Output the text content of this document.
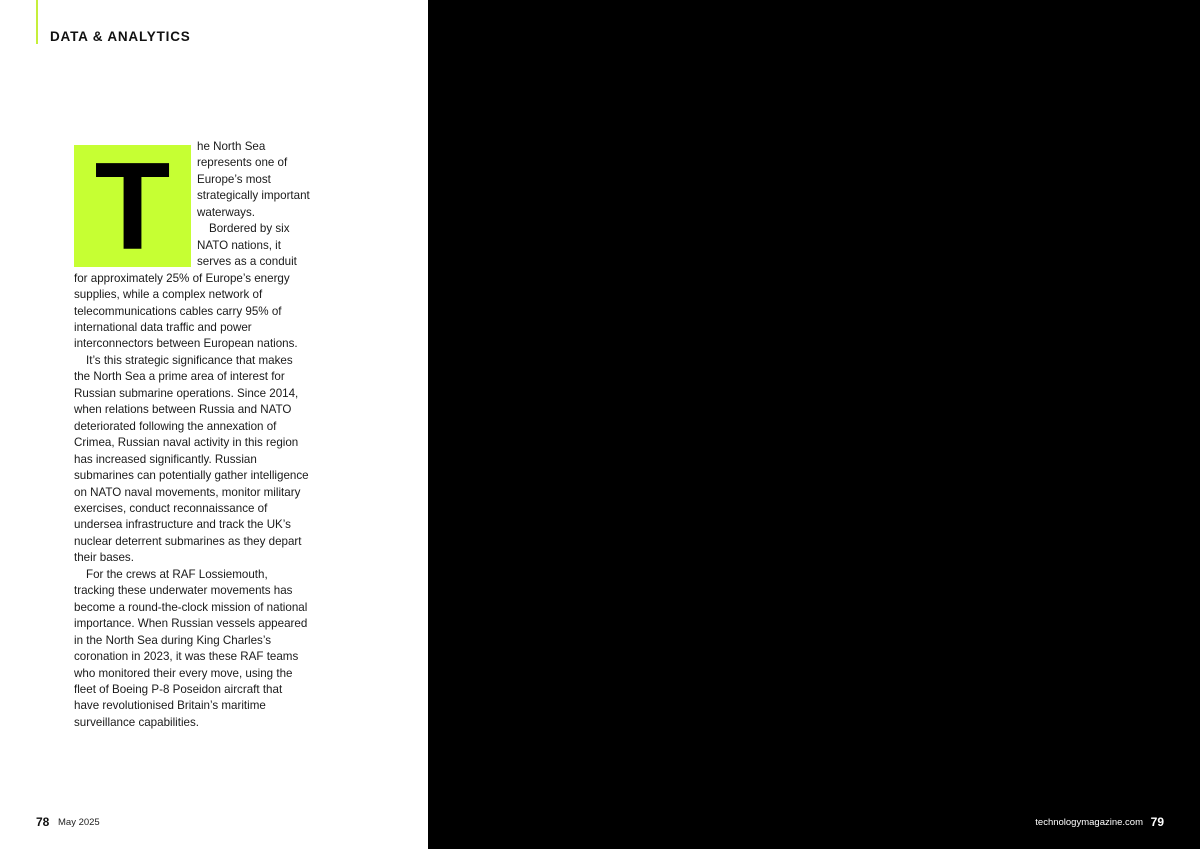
DATA & ANALYTICS
T	he North Sea represents one of Europe’s most strategically important waterways.

Bordered by six NATO nations, it serves as a conduit for approximately 25% of Europe’s energy supplies, while a complex network of telecommunications cables carry 95% of international data traffic and power interconnectors between European nations.

It’s this strategic significance that makes the North Sea a prime area of interest for Russian submarine operations. Since 2014, when relations between Russia and NATO deteriorated following the annexation of Crimea, Russian naval activity in this region has increased significantly. Russian submarines can potentially gather intelligence on NATO naval movements, monitor military exercises, conduct reconnaissance of undersea infrastructure and track the UK’s nuclear deterrent submarines as they depart their bases.

For the crews at RAF Lossiemouth, tracking these underwater movements has become a round-the-clock mission of national importance. When Russian vessels appeared in the North Sea during King Charles’s coronation in 2023, it was these RAF teams who monitored their every move, using the fleet of Boeing P-8 Poseidon aircraft that have revolutionised Britain’s maritime surveillance capabilities.

78 May 2025	technologymagazine.com 79
